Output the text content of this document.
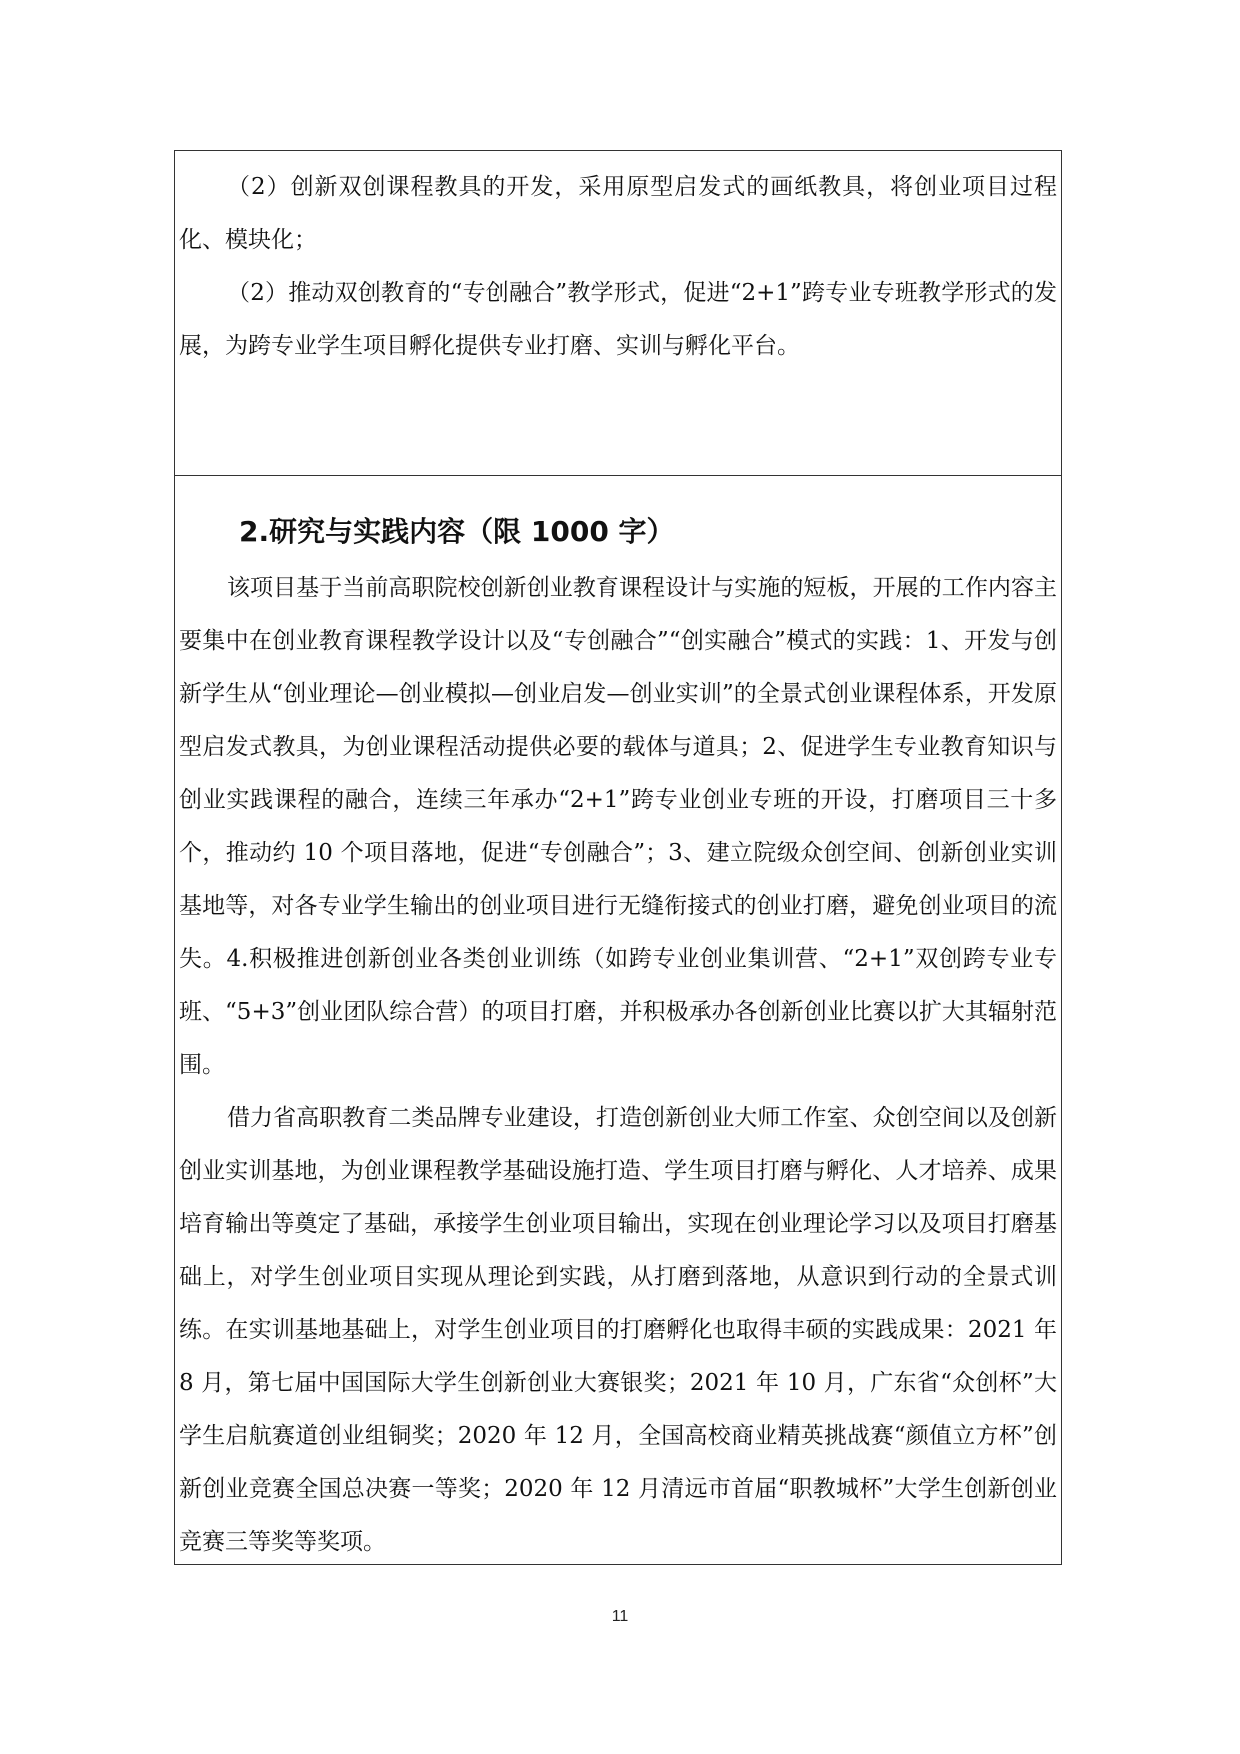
（2）创新双创课程教具的开发，采用原型启发式的画纸教具，将创业项目过程化、模块化；

（2）推动双创教育的“专创融合”教学形式，促进“2+1”跨专业专班教学形式的发展，为跨专业学生项目孵化提供专业打磨、实训与孵化平台。

2.研究与实践内容（限 1000 字）

该项目基于当前高职院校创新创业教育课程设计与实施的短板，开展的工作内容主要集中在创业教育课程教学设计以及“专创融合”“创实融合”模式的实践：1、开发与创新学生从“创业理论—创业模拟—创业启发—创业实训”的全景式创业课程体系，开发原型启发式教具，为创业课程活动提供必要的载体与道具；2、促进学生专业教育知识与创业实践课程的融合，连续三年承办“2+1”跨专业创业专班的开设，打磨项目三十多个，推动约 10 个项目落地，促进“专创融合”；3、建立院级众创空间、创新创业实训基地等，对各专业学生输出的创业项目进行无缝衔接式的创业打磨，避免创业项目的流失。4.积极推进创新创业各类创业训练（如跨专业创业集训营、“2+1”双创跨专业专班、“5+3”创业团队综合营）的项目打磨，并积极承办各创新创业比赛以扩大其辐射范围。

借力省高职教育二类品牌专业建设，打造创新创业大师工作室、众创空间以及创新创业实训基地，为创业课程教学基础设施打造、学生项目打磨与孵化、人才培养、成果培育输出等奠定了基础，承接学生创业项目输出，实现在创业理论学习以及项目打磨基础上，对学生创业项目实现从理论到实践，从打磨到落地，从意识到行动的全景式训练。在实训基地基础上，对学生创业项目的打磨孵化也取得丰硕的实践成果：2021 年 8 月，第七届中国国际大学生创新创业大赛银奖；2021 年 10 月，广东省“众创杯”大学生启航赛道创业组铜奖；2020 年 12 月，全国高校商业精英挑战赛“颜值立方杯”创新创业竞赛全国总决赛一等奖；2020 年 12 月清远市首届“职教城杯”大学生创新创业竞赛三等奖等奖项。

11
